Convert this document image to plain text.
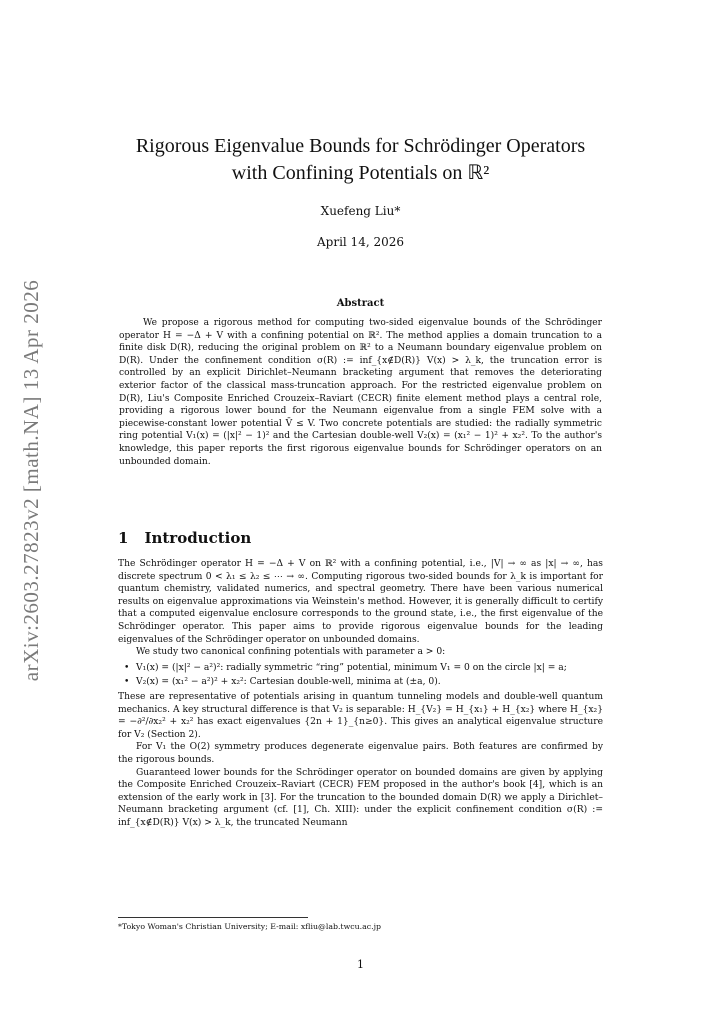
arXiv:2603.27823v2 [math.NA] 13 Apr 2026
Rigorous Eigenvalue Bounds for Schrödinger Operators with Confining Potentials on ℝ²
Xuefeng Liu*
April 14, 2026
Abstract
We propose a rigorous method for computing two-sided eigenvalue bounds of the Schrödinger operator H = −Δ + V with a confining potential on ℝ². The method applies a domain truncation to a finite disk D(R), reducing the original problem on ℝ² to a Neumann boundary eigenvalue problem on D(R). Under the confinement condition σ(R) := inf_{x∉D(R)} V(x) > λ_k, the truncation error is controlled by an explicit Dirichlet–Neumann bracketing argument that removes the deteriorating exterior factor of the classical mass-truncation approach. For the restricted eigenvalue problem on D(R), Liu's Composite Enriched Crouzeix–Raviart (CECR) finite element method plays a central role, providing a rigorous lower bound for the Neumann eigenvalue from a single FEM solve with a piecewise-constant lower potential V̄ ≤ V. Two concrete potentials are studied: the radially symmetric ring potential V₁(x) = (|x|² − 1)² and the Cartesian double-well V₂(x) = (x₁² − 1)² + x₂². To the author's knowledge, this paper reports the first rigorous eigenvalue bounds for Schrödinger operators on an unbounded domain.
1 Introduction

The Schrödinger operator H = −Δ + V on ℝ² with a confining potential, i.e., |V| → ∞ as |x| → ∞, has discrete spectrum 0 < λ₁ ≤ λ₂ ≤ ⋯ → ∞. Computing rigorous two-sided bounds for λ_k is important for quantum chemistry, validated numerics, and spectral geometry. There have been various numerical results on eigenvalue approximations via Weinstein's method. However, it is generally difficult to certify that a computed eigenvalue enclosure corresponds to the ground state, i.e., the first eigenvalue of the Schrödinger operator. This paper aims to provide rigorous eigenvalue bounds for the leading eigenvalues of the Schrödinger operator on unbounded domains.

We study two canonical confining potentials with parameter a > 0:

• V₁(x) = (|x|² − a²)²: radially symmetric “ring” potential, minimum V₁ = 0 on the circle |x| = a;
• V₂(x) = (x₁² − a²)² + x₂²: Cartesian double-well, minima at (±a, 0).

These are representative of potentials arising in quantum tunneling models and double-well quantum mechanics. A key structural difference is that V₂ is separable: H_{V₂} = H_{x₁} + H_{x₂} where H_{x₂} = −∂²/∂x₂² + x₂² has exact eigenvalues {2n + 1}_{n≥0}. This gives an analytical eigenvalue structure for V₂ (Section 2).

For V₁ the O(2) symmetry produces degenerate eigenvalue pairs. Both features are confirmed by the rigorous bounds.

Guaranteed lower bounds for the Schrödinger operator on bounded domains are given by applying the Composite Enriched Crouzeix–Raviart (CECR) FEM proposed in the author's book [4], which is an extension of the early work in [3]. For the truncation to the bounded domain D(R) we apply a Dirichlet–Neumann bracketing argument (cf. [1], Ch. XIII): under the explicit confinement condition σ(R) := inf_{x∉D(R)} V(x) > λ_k, the truncated Neumann

*Tokyo Woman's Christian University; E-mail: xfliu@lab.twcu.ac.jp
1
